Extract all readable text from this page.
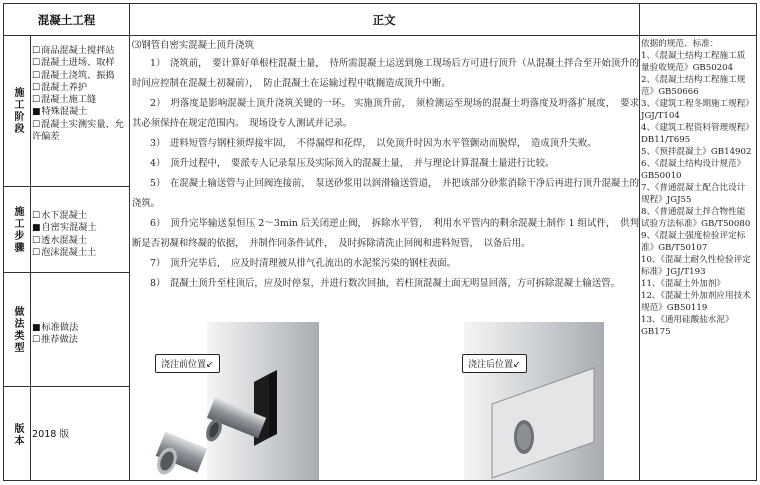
混凝土工程	正文
施工阶段
☐商品混凝土搅拌站
☐混凝土进场、取样
☐混凝土浇筑、振捣
☐混凝土养护
☐混凝土施工缝
■特殊混凝土
☐混凝土实测实量、允许偏差
施工步骤 ☐水下混凝土
■自密实混凝土
☐透水混凝土
☐泡沫混凝土土
做法类型 ■标准做法
☐推荐做法
版本 2018 版
⑶钢管自密实混凝土顶升浇筑
1）　浇筑前，　要计算好单根柱混凝土量，　待所需混凝土运送到施工现场后方可进行顶升（从混凝土拌合至开始顶升的时间应控制在混凝土初凝前），　防止混凝土在运输过程中耽搁造成顶升中断。
2）　坍落度是影响混凝土顶升浇筑关键的一环。 实施顶升前，　须检测运至现场的混凝土坍落度及坍落扩展度，　要求其必须保持在规定范围内。　现场设专人测试并记录。
3）　进料短管与钢柱须焊接牢固，　不得漏焊和花焊，　以免顶升时因为水平管颤动而脱焊，　造成顶升失败。
4）　顶升过程中，　要派专人记录泵压及实际顶入的混凝土量，　并与理论计算混凝土量进行比较。
5）　在混凝土输送管与止回阀连接前，　泵送砂浆用以润滑输送管道，　并把该部分砂浆消除干净后再进行顶升混凝土的浇筑。
6）　顶升完毕输送泵恒压 2～3min 后关闭逆止阀，　拆除水平管，　利用水平管内的剩余混凝土制作 1 组试件，　供判断是否初凝和终凝的依据，　并制作同条件试件，　及时拆除清洗止回阀和进料短管，　以备后用。
7）　顶升完毕后，　应及时清理被从排气孔流出的水泥浆污染的钢柱表面。
8）　混凝土顶升至柱顶后，应及时停泵，并进行数次回抽，若柱顶混凝土面无明显回落，方可拆除混凝土输送管。
浇注前位置↙	浇注后位置↙
依据的规范、标准：
1、《混凝土结构工程施工质量验收规范》GB50204
2、《混凝土结构工程施工规范》GB50666
3、《建筑工程冬期施工规程》JGJ/T104
4、《建筑工程资料管理规程》DB11/T695
5、《预拌混凝土》GB14902
6、《混凝土结构设计规范》GB50010
7、《普通混凝土配合比设计规程》JGJ55
8、《普通混凝土拌合物性能试验方法标准》GB/T50080
9、《混凝土强度检验评定标准》GB/T50107
10、《混凝土耐久性检验评定标准》JGJ/T193
11、《混凝土外加剂》
12、《混凝土外加剂应用技术规范》GB50119
13、《通用硅酸盐水泥》GB175
